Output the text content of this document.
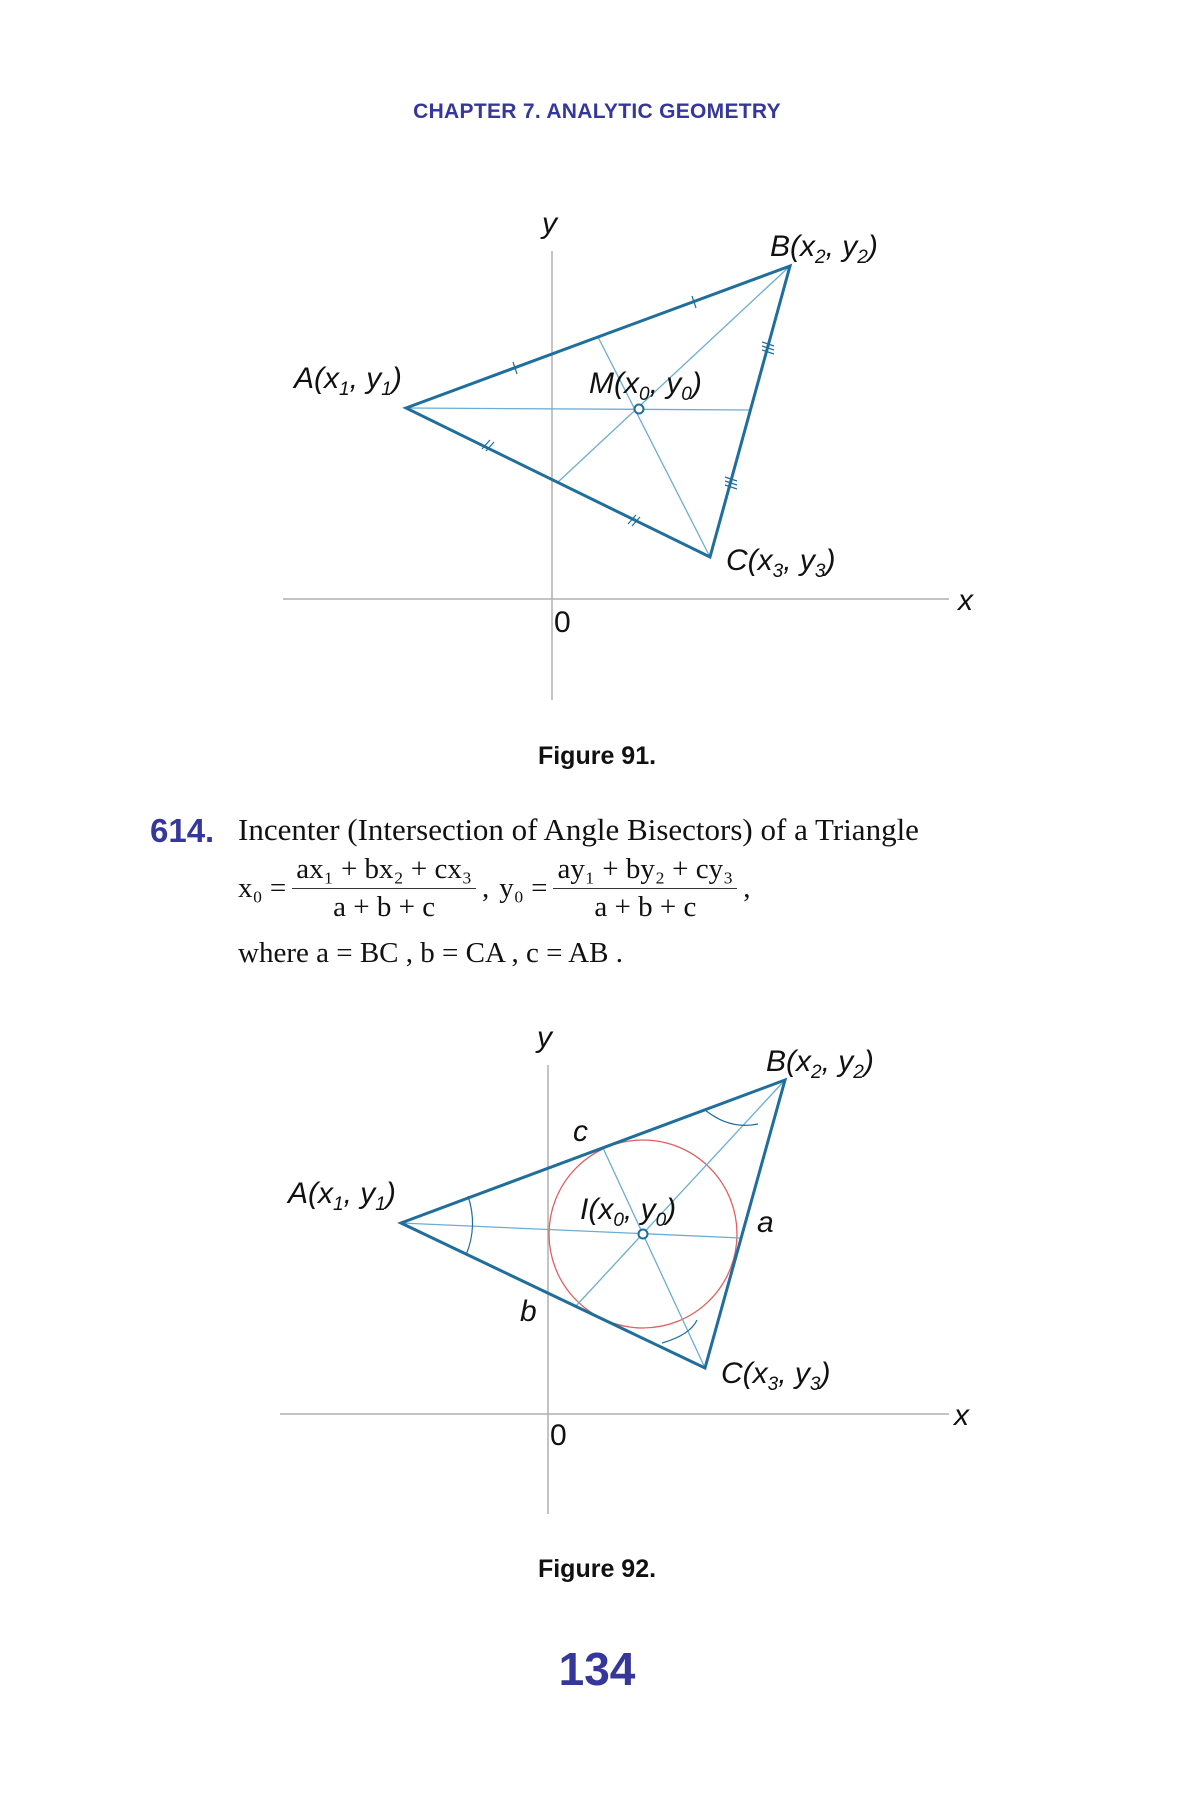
CHAPTER 7. ANALYTIC GEOMETRY
y
x
0
$A(x_1$, $y_1$)
$B(x_2$, $y_2$)
$C(x_3$, $y_3$)
$M(x_0$, $y_0$)
y
x
0
a
b
c
$A(x_1$, $y_1$)
$B(x_2$, $y_2$)
$C(x_3$, $y_3$)
$I(x_0$, $y_0$)
Figure 91.
614. Incenter (Intersection of Angle Bisectors) of a Triangle
$x_0 = \frac{\text{ax₁ + bx₂ + cx₃}}{a + b + c}$ , $y_0 = \frac{\text{ay₁ + by₂ + cy₃}}{a + b + c}$ ,
where a = BC , b = CA , c = AB .
Figure 92.
134
